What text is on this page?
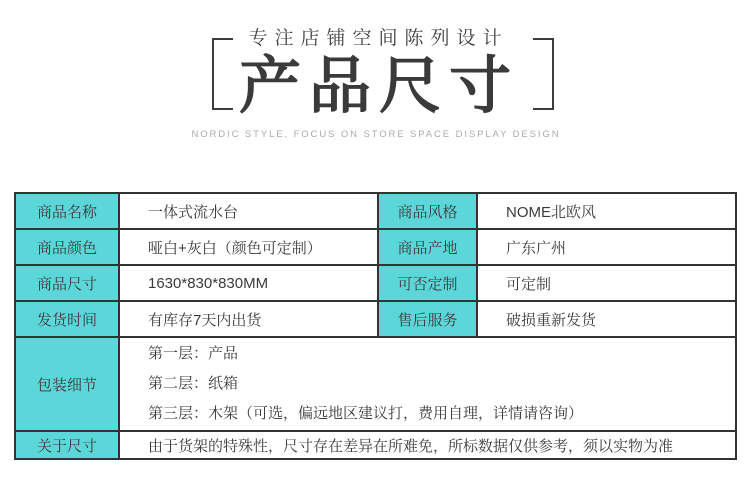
专注店铺空间陈列设计
产品尺寸
NORDIC STYLE, FOCUS ON STORE SPACE DISPLAY DESIGN
商品名称	一体式流水台	商品风格	NOME北欧风
商品颜色	哑白+灰白（颜色可定制）	商品产地	广东广州
商品尺寸	1630*830*830MM	可否定制	可定制
发货时间	有库存7天内出货	售后服务	破损重新发货
包装细节	第一层：产品
第二层：纸箱
第三层：木架（可选，偏远地区建议打，费用自理，详情请咨询）		

关于尺寸	由于货架的特殊性，尺寸存在差异在所难免，所标数据仅供参考，须以实物为准		
